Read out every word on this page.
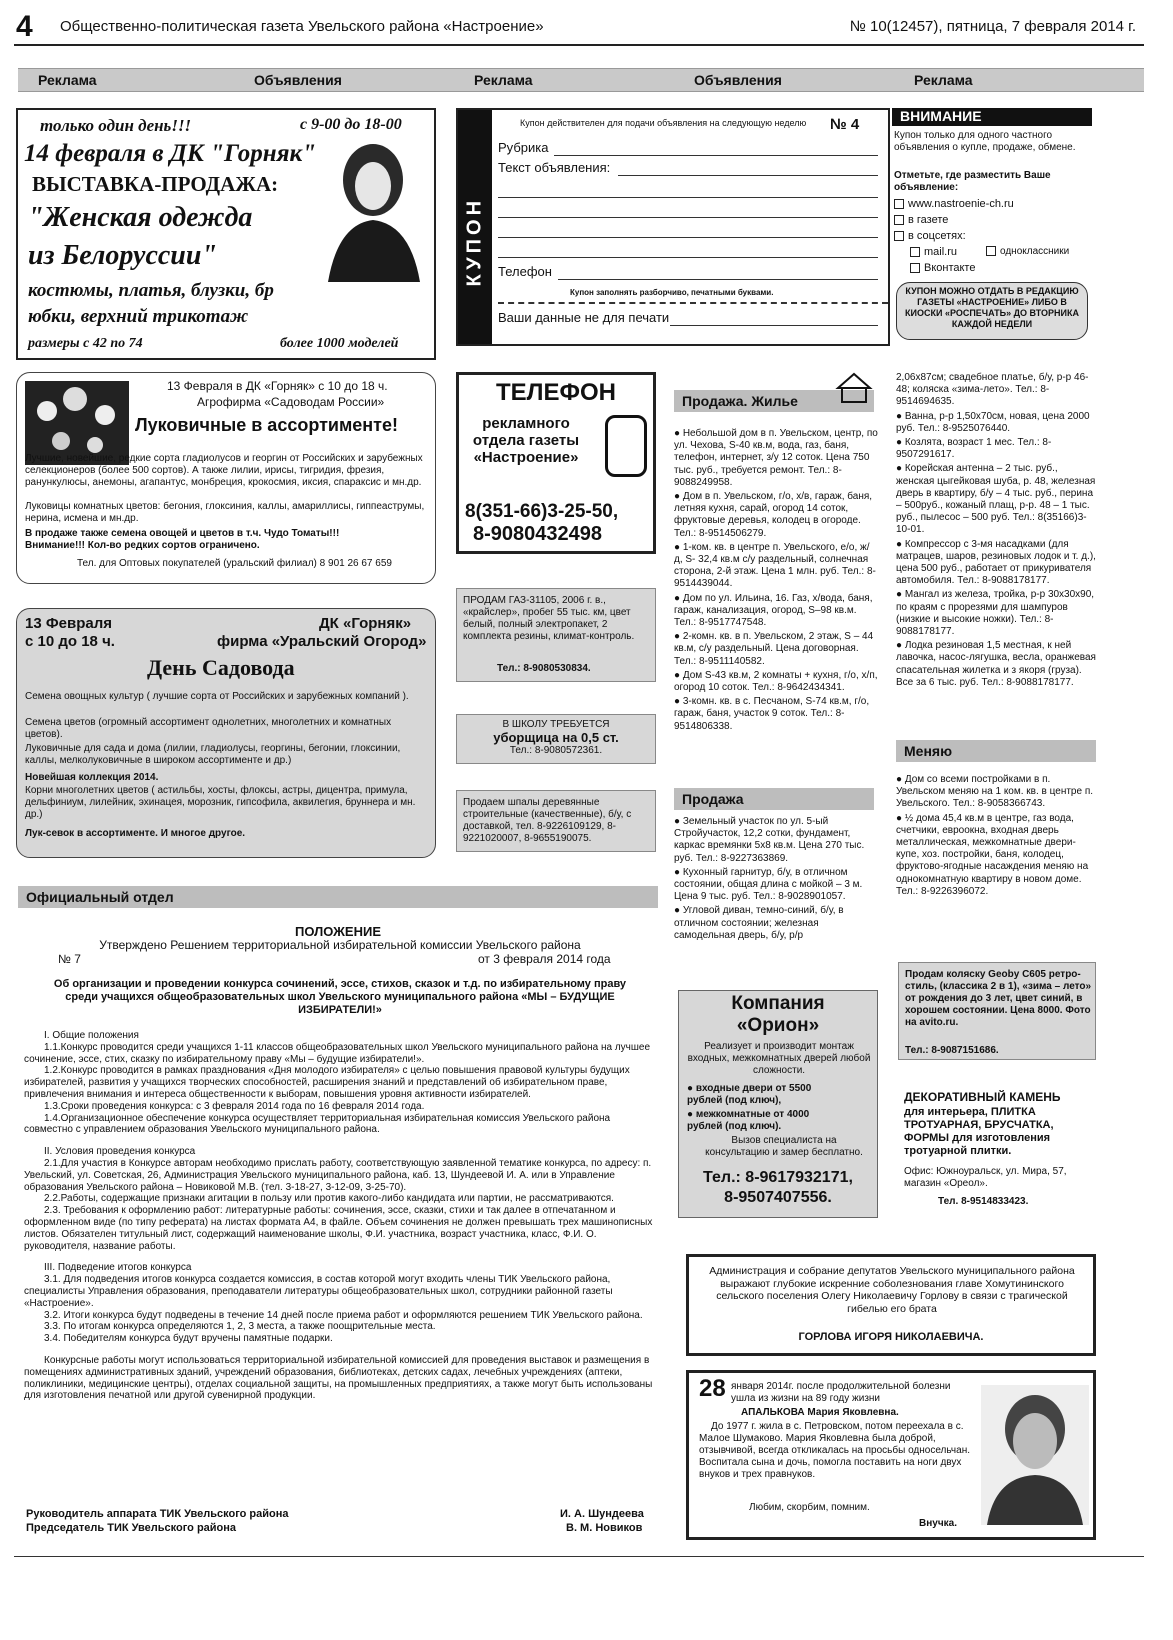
4 Общественно-политическая газета Увельского района «Настроение»	№ 10(12457), пятница, 7 февраля 2014 г.
Реклама	Объявления	Реклама	Объявления	Реклама
только один день!!!	с 9-00 до 18-00
14 февраля в ДК "Горняк"
ВЫСТАВКА-ПРОДАЖА:
"Женская одежда
из Белоруссии"
костюмы, платья, блузки, бр
юбки, верхний трикотаж
размеры с 42 по 74	более 1000 моделей
КУПОН
Купон действителен для подачи объявления на следующую неделю № 4
Рубрика
Текст объявления:
Телефон
Купон заполнять разборчиво, печатными буквами.
Ваши данные не для печати
ВНИМАНИЕ
Купон только для одного частного объявления о купле, продаже, обмене.
Отметьте, где разместить Ваше объявление:
www.nastroenie-ch.ru
в газете
в соцсетях:
mail.ru	одноклассники
Вконтакте
КУПОН МОЖНО ОТДАТЬ В РЕДАКЦИЮ ГАЗЕТЫ «НАСТРОЕНИЕ» ЛИБО В КИОСКИ «РОСПЕЧАТЬ» ДО ВТОРНИКА КАЖДОЙ НЕДЕЛИ
13 Февраля в ДК «Горняк» с 10 до 18 ч.
Агрофирма «Садоводам России»
Луковичные в ассортименте!
Лучшие, новейшие, редкие сорта гладиолусов и георгин от Российских и зарубежных селекционеров (более 500 сортов). А также лилии, ирисы, тигридия, фрезия, ранункулюсы, анемоны, агапантус, монбреция, крокосмия, иксия, спараксис и мн.др.
Луковицы комнатных цветов: бегония, глоксиния, каллы, амариллисы, гиппеаструмы, нерина, исмена и мн.др.
В продаже также семена овощей и цветов в т.ч. Чудо Томаты!!!
Внимание!!! Кол-во редких сортов ограничено.
Тел. для Оптовых покупателей (уральский филиал) 8 901 26 67 659
13 Февраля
с 10 до 18 ч.
ДК «Горняк»
фирма «Уральский Огород»
День Садовода
Семена овощных культур ( лучшие сорта от Российских и зарубежных компаний ).
Семена цветов (огромный ассортимент однолетних, многолетних и комнатных цветов).
Луковичные для сада и дома (лилии, гладиолусы, георгины, бегонии, глоксинии, каллы, мелколуковичные в широком ассортименте и др.)
Новейшая коллекция 2014.
Корни многолетних цветов ( астильбы, хосты, флоксы, астры, дицентра, примула, дельфиниум, лилейник, эхинацея, морозник, гипсофила, аквилегия, бруннера и мн. др.)
Лук-севок в ассортименте. И многое другое.
ТЕЛЕФОН
рекламного отдела газеты «Настроение»
8(351-66)3-25-50,
8-9080432498
ПРОДАМ ГАЗ-31105, 2006 г. в., «крайслер», пробег 55 тыс. км, цвет белый, полный электропакет, 2 комплекта резины, климат-контроль.
Тел.: 8-9080530834.
В ШКОЛУ ТРЕБУЕТСЯ
уборщица на 0,5 ст.
Тел.: 8-9080572361.
Продаем шпалы деревянные строительные (качественные), б/у, с доставкой, тел. 8-9226109129, 8-9221020007, 8-9655190075.
Продажа. Жилье

● Небольшой дом в п. Увельском, центр, по ул. Чехова, S-40 кв.м, вода, газ, баня, телефон, интернет, з/у 12 соток. Цена 750 тыс. руб., требуется ремонт. Тел.: 8-9088249958.

● Дом в п. Увельском, г/о, х/в, гараж, баня, летняя кухня, сарай, огород 14 соток, фруктовые деревья, колодец в огороде. Тел.: 8-9514506279.

● 1-ком. кв. в центре п. Увельского, е/о, ж/д, S- 32,4 кв.м с/у раздельный, солнечная сторона, 2-й этаж. Цена 1 млн. руб. Тел.: 8-9514439044.

● Дом по ул. Ильина, 16. Газ, х/вода, баня, гараж, канализация, огород, S–98 кв.м. Тел.: 8-9517747548.

● 2-комн. кв. в п. Увельском, 2 этаж, S – 44 кв.м, с/у раздельный. Цена договорная. Тел.: 8-9511140582.

● Дом S-43 кв.м, 2 комнаты + кухня, г/о, х/п, огород 10 соток. Тел.: 8-9642434341.

● 3-комн. кв. в с. Песчаном, S-74 кв.м, г/о, гараж, баня, участок 9 соток. Тел.: 8-9514806338.

Продажа

● Земельный участок по ул. 5-ый Стройучасток, 12,2 сотки, фундамент, каркас времянки 5х8 кв.м. Цена 270 тыс. руб. Тел.: 8-9227363869.

● Кухонный гарнитур, б/у, в отличном состоянии, общая длина с мойкой – 3 м. Цена 9 тыс. руб. Тел.: 8-9028901057.

● Угловой диван, темно-синий, б/у, в отличном состоянии; железная самодельная дверь, б/у, р/р

2,06х87см; свадебное платье, б/у, р-р 46-48; коляска «зима-лето». Тел.: 8-9514694635.

● Ванна, р-р 1,50х70см, новая, цена 2000 руб. Тел.: 8-9525076440.

● Козлята, возраст 1 мес. Тел.: 8-9507291617.

● Корейская антенна – 2 тыс. руб., женская цыгейковая шуба, р. 48, железная дверь в квартиру, б/у – 4 тыс. руб., перина – 500руб., кожаный плащ, р-р. 48 – 1 тыс. руб., пылесос – 500 руб. Тел.: 8(35166)3-10-01.

● Компрессор с 3-мя насадками (для матрацев, шаров, резиновых лодок и т. д.), цена 500 руб., работает от прикуривателя автомобиля. Тел.: 8-9088178177.

● Мангал из железа, тройка, р-р 30х30х90, по краям с прорезями для шампуров (низкие и высокие ножки). Тел.: 8-9088178177.

● Лодка резиновая 1,5 местная, к ней лавочка, насос-лягушка, весла, оранжевая спасательная жилетка и з якоря (груза). Все за 6 тыс. руб. Тел.: 8-9088178177.

Меняю

● Дом со всеми постройками в п. Увельском меняю на 1 ком. кв. в центре п. Увельского. Тел.: 8-9058366743.

● ½ дома 45,4 кв.м в центре, газ вода, счетчики, евроокна, входная дверь металлическая, межкомнатные двери-купе, хоз. постройки, баня, колодец, фруктово-ягодные насаждения меняю на однокомнатную квартиру в новом доме. Тел.: 8-9226396072.

Продам коляску Geoby C605 ретро-стиль, (классика 2 в 1), «зима – лето» от рождения до 3 лет, цвет синий, в хорошем состоянии. Цена 8000. Фото на avito.ru.
Тел.: 8-9087151686.
Компания
«Орион»
Реализует и производит монтаж входных, межкомнатных дверей любой сложности.
● входные двери от 5500 рублей (под ключ),
● межкомнатные от 4000 рублей (под ключ).
Вызов специалиста на консультацию и замер бесплатно.
Тел.: 8-9617932171,
8-9507407556.
ДЕКОРАТИВНЫЙ КАМЕНЬ
для интерьера, ПЛИТКА ТРОТУАРНАЯ, БРУСЧАТКА, ФОРМЫ для изготовления тротуарной плитки.
Офис: Южноуральск, ул. Мира, 57, магазин «Ореол».
Тел. 8-9514833423.
Официальный отдел
ПОЛОЖЕНИЕ
Утверждено Решением территориальной избирательной комиссии Увельского района
№ 7	от 3 февраля 2014 года
Об организации и проведении конкурса сочинений, эссе, стихов, сказок и т.д. по избирательному праву среди учащихся общеобразовательных школ Увельского муниципального района «МЫ – БУДУЩИЕ ИЗБИРАТЕЛИ!»

I. Общие положения

1.1.Конкурс проводится среди учащихся 1-11 классов общеобразовательных школ Увельского муниципального района на лучшее сочинение, эссе, стих, сказку по избирательному праву «Мы – будущие избиратели!».

1.2.Конкурс проводится в рамках празднования «Дня молодого избирателя» с целью повышения правовой культуры будущих избирателей, развития у учащихся творческих способностей, расширения знаний и представлений об избирательном праве, привлечения внимания и интереса общественности к выборам, повышения уровня активности избирателей.

1.3.Сроки проведения конкурса: с 3 февраля 2014 года по 16 февраля 2014 года.

1.4.Организационное обеспечение конкурса осуществляет территориальная избирательная комиссия Увельского района совместно с управлением образования Увельского муниципального района.

II. Условия проведения конкурса

2.1.Для участия в Конкурсе авторам необходимо прислать работу, соответствующую заявленной тематике конкурса, по адресу: п. Увельский, ул. Советская, 26, Администрация Увельского муниципального района, каб. 13, Шундеевой И. А. или в Управление образования Увельского района – Новиковой М.В. (тел. 3-18-27, 3-12-09, 3-25-70).

2.2.Работы, содержащие признаки агитации в пользу или против какого-либо кандидата или партии, не рассматриваются.

2.3. Требования к оформлению работ: литературные работы: сочинения, эссе, сказки, стихи и так далее в отпечатанном и оформленном виде (по типу реферата) на листах формата А4, в файле. Объем сочинения не должен превышать трех машинописных листов. Обязателен титульный лист, содержащий наименование школы, Ф.И. участника, возраст участника, класс, Ф.И. О. руководителя, название работы.

III. Подведение итогов конкурса

3.1. Для подведения итогов конкурса создается комиссия, в состав которой могут входить члены ТИК Увельского района, специалисты Управления образования, преподаватели литературы общеобразовательных школ, сотрудники районной газеты «Настроение».

3.2. Итоги конкурса будут подведены в течение 14 дней после приема работ и оформляются решением ТИК Увельского района.

3.3. По итогам конкурса определяются 1, 2, 3 места, а также поощрительные места.

3.4. Победителям конкурса будут вручены памятные подарки.

Конкурсные работы могут использоваться территориальной избирательной комиссией для проведения выставок и размещения в помещениях административных зданий, учреждений образования, библиотеках, детских садах, лечебных учреждениях (аптеки, поликлиники, медицинские центры), отделах социальной защиты, на промышленных предприятиях, а также могут быть использованы для изготовления печатной или другой сувенирной продукции.

Руководитель аппарата ТИК Увельского района
Председатель ТИК Увельского района
И. А. Шундеева
В. М. Новиков
Администрация и собрание депутатов Увельского муниципального района выражают глубокие искренние соболезнования главе Хомутининского сельского поселения Олегу Николаевичу Горлову в связи с трагической гибелью его брата
ГОРЛОВА ИГОРЯ НИКОЛАЕВИЧА.
28 января 2014г. после продолжительной болезни ушла из жизни на 89 году жизни
АПАЛЬКОВА Мария Яковлевна.
До 1977 г. жила в с. Петровском, потом переехала в с. Малое Шумаково. Мария Яковлевна была доброй, отзывчивой, всегда откликалась на просьбы односельчан. Воспитала сына и дочь, помогла поставить на ноги двух внуков и трех правнуков.
Любим, скорбим, помним.
Внучка.
